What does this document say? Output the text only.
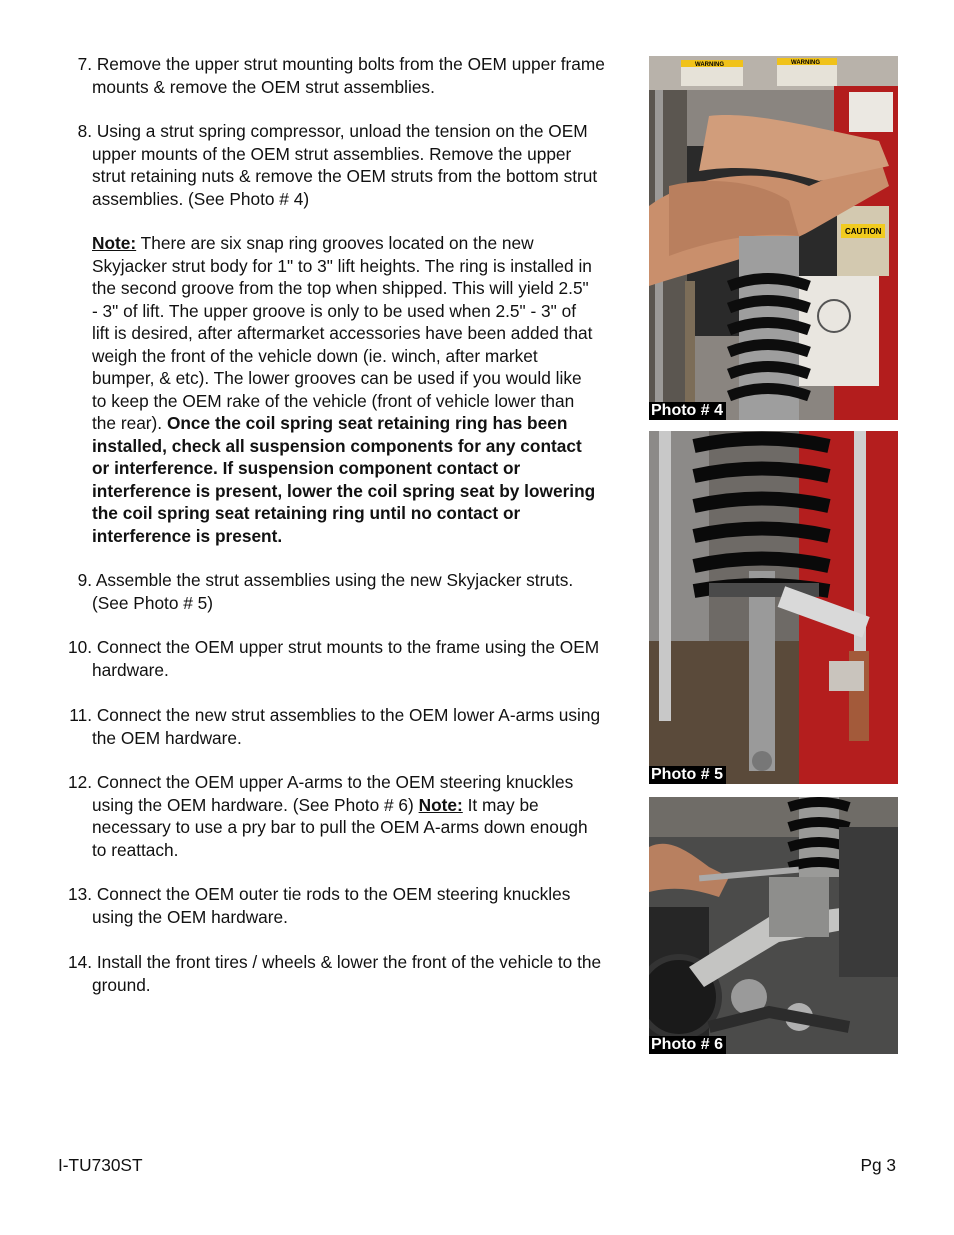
7. Remove the upper strut mounting bolts from the OEM upper frame
mounts & remove the OEM strut assemblies.
8. Using a strut spring compressor, unload the tension on the OEM
upper mounts of the OEM strut assemblies. Remove the upper
strut retaining nuts & remove the OEM struts from the bottom strut
assemblies. (See Photo # 4)
Note: There are six snap ring grooves located on the new
Skyjacker strut body for 1" to 3" lift heights. The ring is installed in
the second groove from the top when shipped. This will yield 2.5"
- 3" of lift. The upper groove is only to be used when 2.5" - 3" of
lift is desired, after aftermarket accessories have been added that
weigh the front of the vehicle down (ie. winch, after market
bumper, & etc). The lower grooves can be used if you would like
to keep the OEM rake of the vehicle (front of vehicle lower than
the rear). Once the coil spring seat retaining ring has been
installed, check all suspension components for any contact
or interference. If suspension component contact or
interference is present, lower the coil spring seat by lowering
the coil spring seat retaining ring until no contact or
interference is present.
9. Assemble the strut assemblies using the new Skyjacker struts.
(See Photo # 5)
10. Connect the OEM upper strut mounts to the frame using the OEM
hardware.
11. Connect the new strut assemblies to the OEM lower A-arms using
the OEM hardware.
12. Connect the OEM upper A-arms to the OEM steering knuckles
using the OEM hardware. (See Photo # 6) Note: It may be
necessary to use a pry bar to pull the OEM A-arms down enough
to reattach.
13. Connect the OEM outer tie rods to the OEM steering knuckles
using the OEM hardware.
14. Install the front tires / wheels & lower the front of the vehicle to the
ground.
WARNING	WARNING
CAUTION
Photo # 4
Photo # 5
Photo # 6
I-TU730ST	Pg 3
